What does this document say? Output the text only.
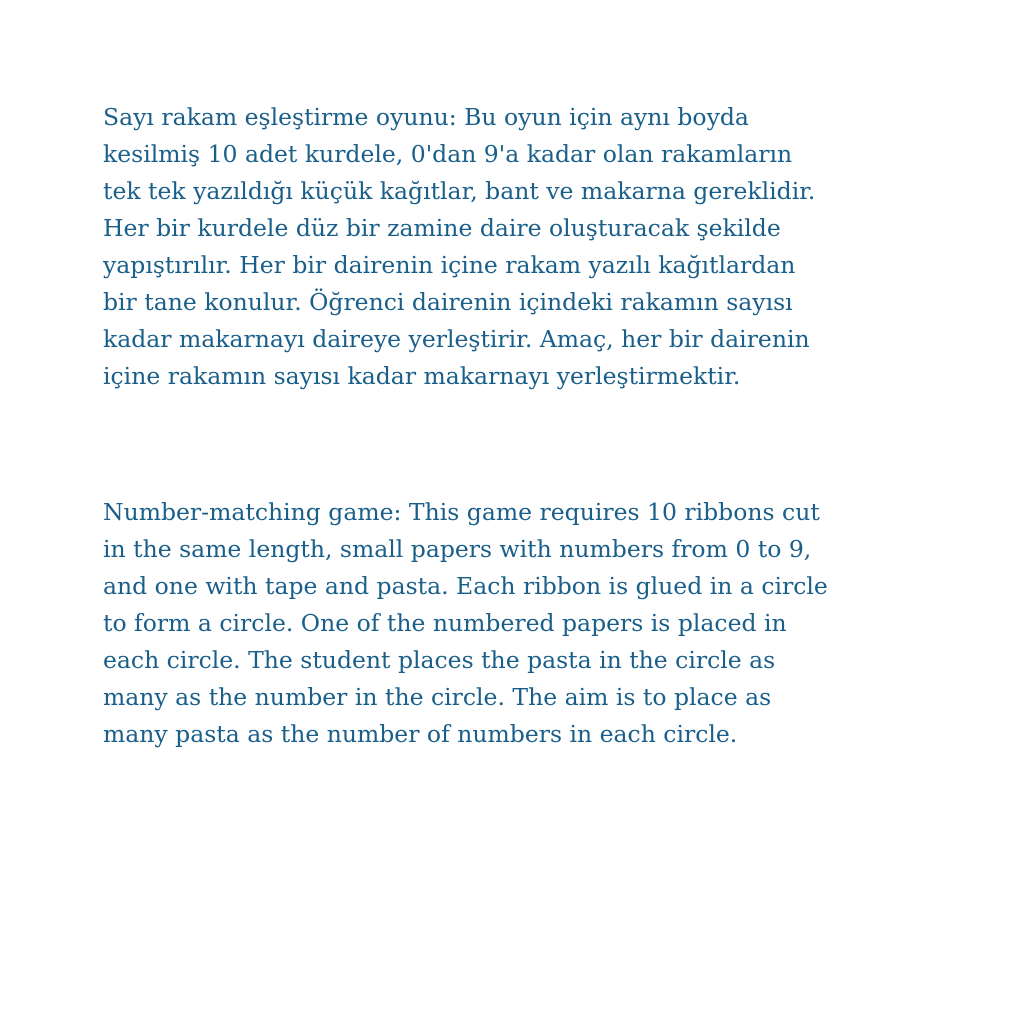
Sayı rakam eşleştirme oyunu: Bu oyun için aynı boyda
kesilmiş 10 adet kurdele, 0'dan 9'a kadar olan rakamların
tek tek yazıldığı küçük kağıtlar, bant ve makarna gereklidir.
Her bir kurdele düz bir zamine daire oluşturacak şekilde
yapıştırılır. Her bir dairenin içine rakam yazılı kağıtlardan
bir tane konulur. Öğrenci dairenin içindeki rakamın sayısı
kadar makarnayı daireye yerleştirir. Amaç, her bir dairenin
içine rakamın sayısı kadar makarnayı yerleştirmektir.

Number-matching game: This game requires 10 ribbons cut
in the same length, small papers with numbers from 0 to 9,
and one with tape and pasta. Each ribbon is glued in a circle
to form a circle. One of the numbered papers is placed in
each circle. The student places the pasta in the circle as
many as the number in the circle. The aim is to place as
many pasta as the number of numbers in each circle.
